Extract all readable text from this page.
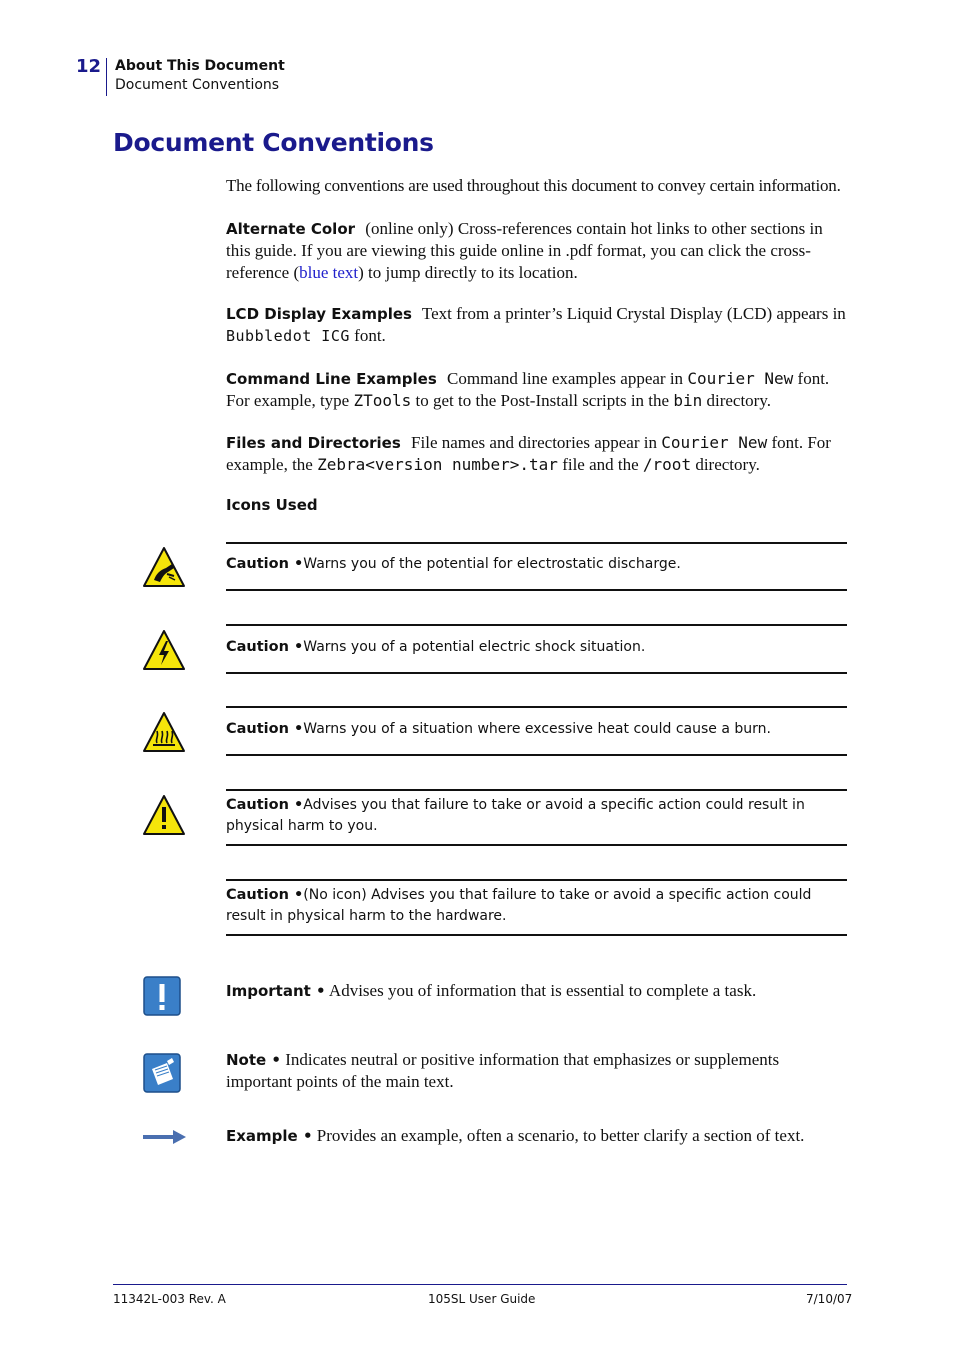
12 About This Document
Document Conventions
Document Conventions
The following conventions are used throughout this document to convey certain information.
Alternate Color (online only) Cross-references contain hot links to other sections in this guide. If you are viewing this guide online in .pdf format, you can click the cross-reference (blue text) to jump directly to its location.
LCD Display Examples Text from a printer’s Liquid Crystal Display (LCD) appears in Bubbledot ICG font.
Command Line Examples Command line examples appear in Courier New font. For example, type ZTools to get to the Post-Install scripts in the bin directory.
Files and Directories File names and directories appear in Courier New font. For example, the Zebra<version number>.tar file and the /root directory.
Icons Used
Caution •Warns you of the potential for electrostatic discharge.
Caution •Warns you of a potential electric shock situation.
Caution •Warns you of a situation where excessive heat could cause a burn.
Caution •Advises you that failure to take or avoid a specific action could result in physical harm to you.
Caution •(No icon) Advises you that failure to take or avoid a specific action could result in physical harm to the hardware.
Important • Advises you of information that is essential to complete a task.
Note • Indicates neutral or positive information that emphasizes or supplements important points of the main text.
Example • Provides an example, often a scenario, to better clarify a section of text.
11342L-003 Rev. A	105SL User Guide	7/10/07
